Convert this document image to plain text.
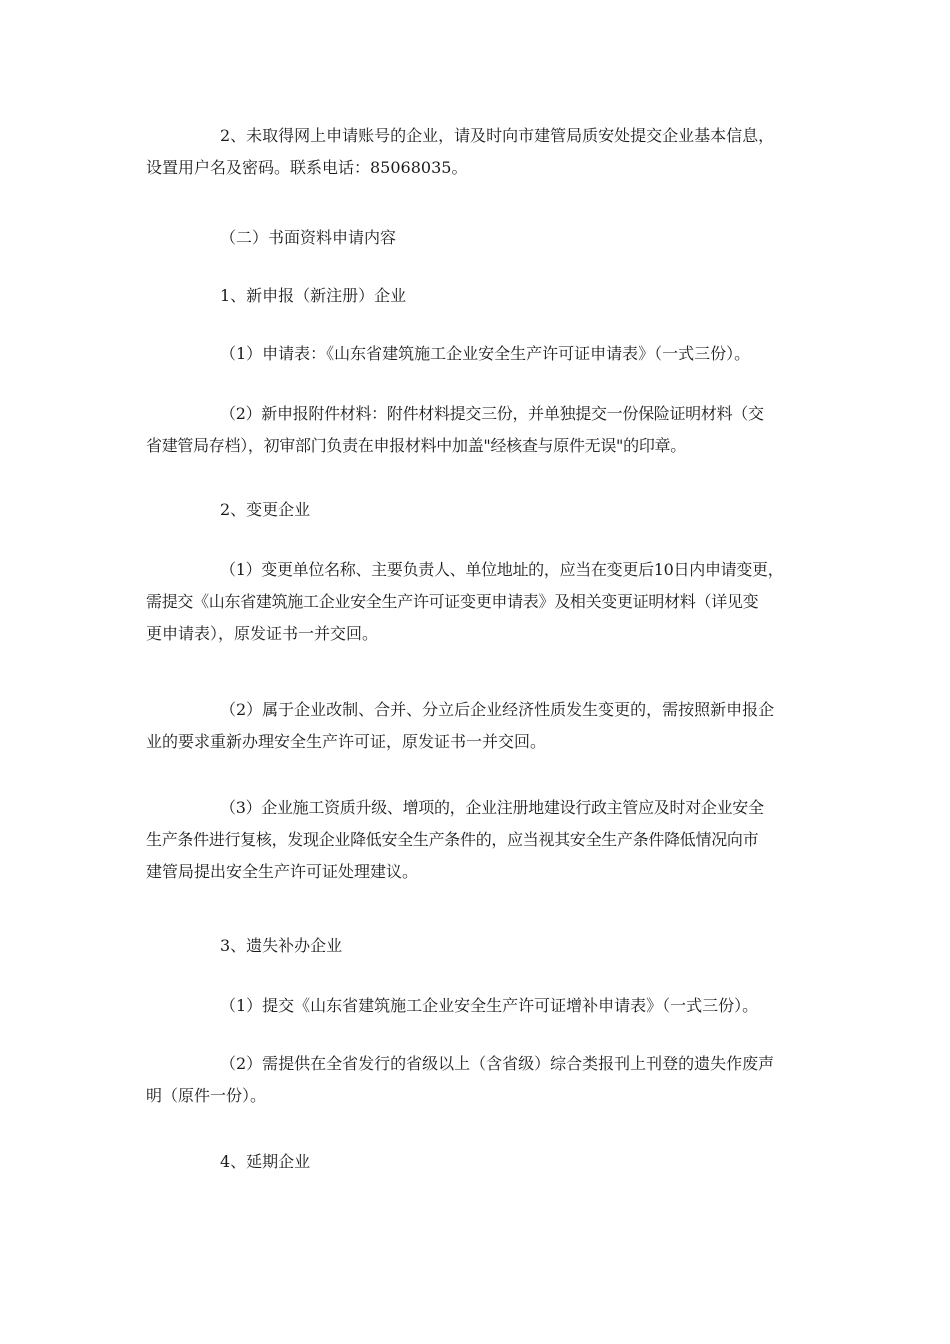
2、未取得网上申请账号的企业，请及时向市建管局质安处提交企业基本信息，
设置用户名及密码。联系电话：85068035。

（二）书面资料申请内容

1、新申报（新注册）企业

（1）申请表：《山东省建筑施工企业安全生产许可证申请表》（一式三份）。

（2）新申报附件材料：附件材料提交三份，并单独提交一份保险证明材料（交
省建管局存档），初审部门负责在申报材料中加盖"经核查与原件无误"的印章。

2、变更企业

（1）变更单位名称、主要负责人、单位地址的，应当在变更后10日内申请变更，
需提交《山东省建筑施工企业安全生产许可证变更申请表》及相关变更证明材料（详见变
更申请表），原发证书一并交回。

（2）属于企业改制、合并、分立后企业经济性质发生变更的，需按照新申报企
业的要求重新办理安全生产许可证，原发证书一并交回。

（3）企业施工资质升级、增项的，企业注册地建设行政主管应及时对企业安全
生产条件进行复核，发现企业降低安全生产条件的，应当视其安全生产条件降低情况向市
建管局提出安全生产许可证处理建议。

3、遗失补办企业

（1）提交《山东省建筑施工企业安全生产许可证增补申请表》（一式三份）。

（2）需提供在全省发行的省级以上（含省级）综合类报刊上刊登的遗失作废声
明（原件一份）。

4、延期企业
